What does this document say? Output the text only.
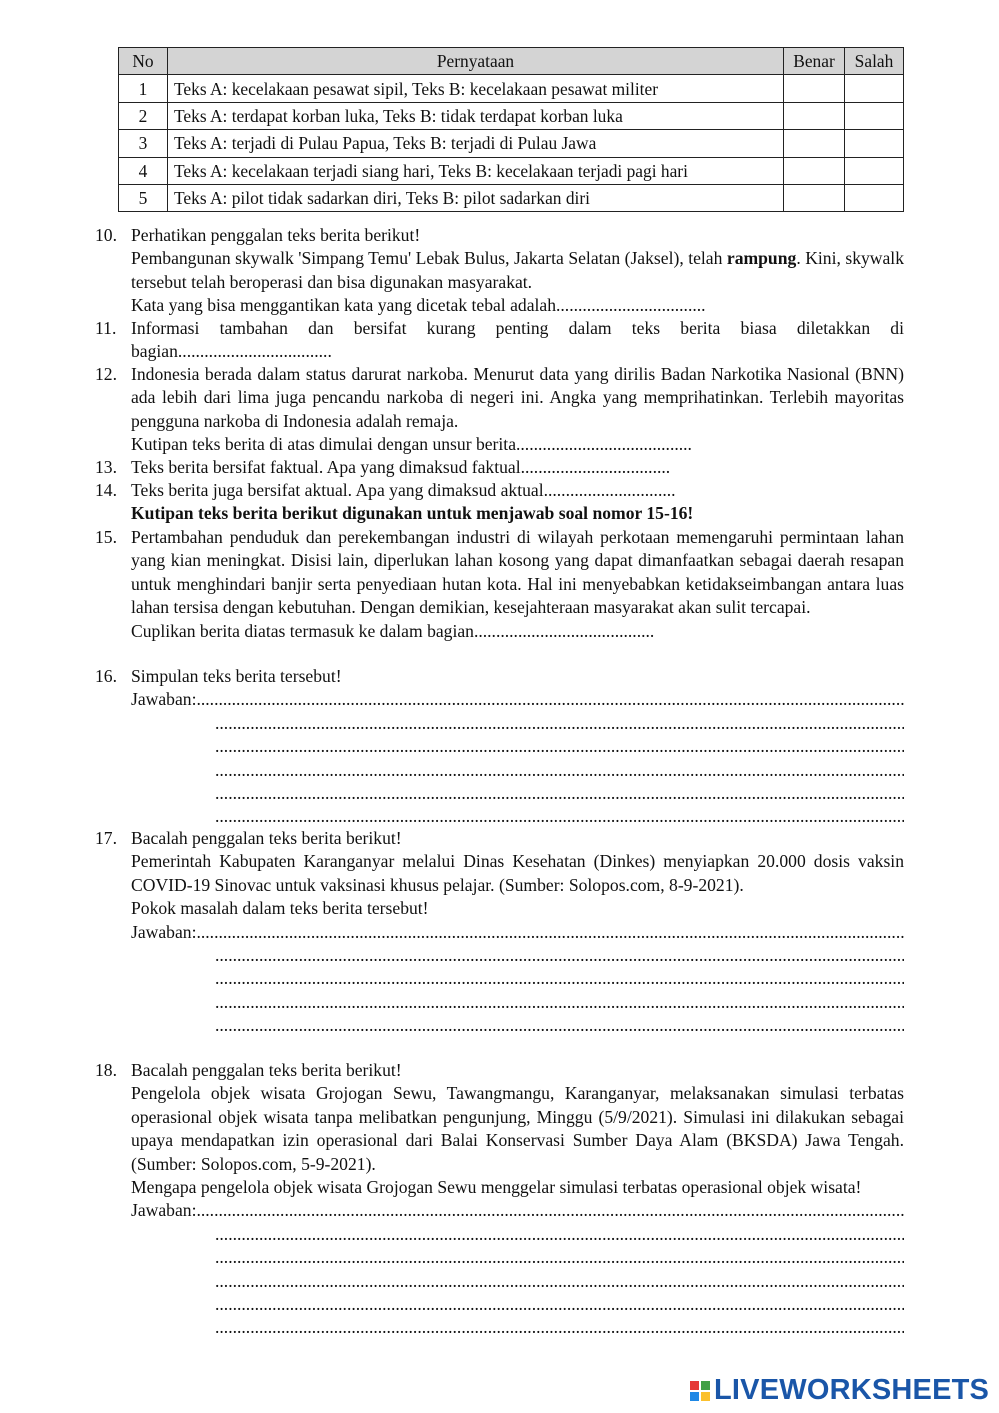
No	Pernyataan	Benar	Salah
1	Teks A: kecelakaan pesawat sipil, Teks B: kecelakaan pesawat militer		
2	Teks A: terdapat korban luka, Teks B: tidak terdapat korban luka		
3	Teks A: terjadi di Pulau Papua, Teks B: terjadi di Pulau Jawa		
4	Teks A: kecelakaan terjadi siang hari, Teks B: kecelakaan terjadi pagi hari		
5	Teks A: pilot tidak sadarkan diri, Teks B: pilot sadarkan diri		
10. Perhatikan penggalan teks berita berikut!

Pembangunan skywalk 'Simpang Temu' Lebak Bulus, Jakarta Selatan (Jaksel), telah rampung. Kini, skywalk tersebut telah beroperasi dan bisa digunakan masyarakat.

Kata yang bisa menggantikan kata yang dicetak tebal adalah..................................

11. Informasi tambahan dan bersifat kurang penting dalam teks berita biasa diletakkan di bagian...................................

12. Indonesia berada dalam status darurat narkoba. Menurut data yang dirilis Badan Narkotika Nasional (BNN) ada lebih dari lima juga pencandu narkoba di negeri ini. Angka yang memprihatinkan. Terlebih mayoritas pengguna narkoba di Indonesia adalah remaja.

Kutipan teks berita di atas dimulai dengan unsur berita........................................

13. Teks berita bersifat faktual. Apa yang dimaksud faktual..................................

14. Teks berita juga bersifat aktual. Apa yang dimaksud aktual..............................

Kutipan teks berita berikut digunakan untuk menjawab soal nomor 15-16!

15. Pertambahan penduduk dan perekembangan industri di wilayah perkotaan memengaruhi permintaan lahan yang kian meningkat. Disisi lain, diperlukan lahan kosong yang dapat dimanfaatkan sebagai daerah resapan untuk menghindari banjir serta penyediaan hutan kota. Hal ini menyebabkan ketidakseimbangan antara luas lahan tersisa dengan kebutuhan. Dengan demikian, kesejahteraan masyarakat akan sulit tercapai.

Cuplikan berita diatas termasuk ke dalam bagian.........................................

16. Simpulan teks berita tersebut!

Jawaban:
.....
.....
.....
.....
.....
.....
17. Bacalah penggalan teks berita berikut!

Pemerintah Kabupaten Karanganyar melalui Dinas Kesehatan (Dinkes) menyiapkan 20.000 dosis vaksin COVID-19 Sinovac untuk vaksinasi khusus pelajar. (Sumber: Solopos.com, 8-9-2021).

Pokok masalah dalam teks berita tersebut!

Jawaban:
.....
.....
.....
.....
.....
18. Bacalah penggalan teks berita berikut!

Pengelola objek wisata Grojogan Sewu, Tawangmangu, Karanganyar, melaksanakan simulasi terbatas operasional objek wisata tanpa melibatkan pengunjung, Minggu (5/9/2021). Simulasi ini dilakukan sebagai upaya mendapatkan izin operasional dari Balai Konservasi Sumber Daya Alam (BKSDA) Jawa Tengah. (Sumber: Solopos.com, 5-9-2021).

Mengapa pengelola objek wisata Grojogan Sewu menggelar simulasi terbatas operasional objek wisata!

Jawaban:
.....
.....
.....
.....
.....
.....
LIVEWORKSHEETS
